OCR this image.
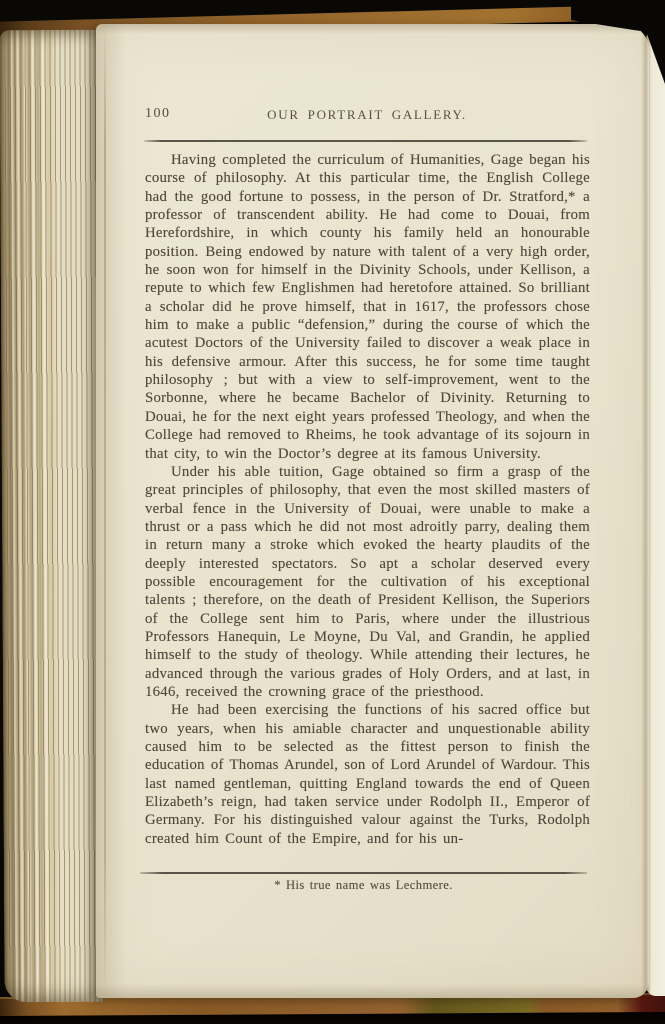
100	OUR PORTRAIT GALLERY.

Having completed the curriculum of Humanities, Gage began his course of philosophy. At this particular time, the English College had the good fortune to possess, in the person of Dr. Stratford,* a professor of transcendent ability. He had come to Douai, from Herefordshire, in which county his family held an honourable position. Being endowed by nature with talent of a very high order, he soon won for himself in the Divinity Schools, under Kellison, a repute to which few Englishmen had heretofore attained. So brilliant a scholar did he prove himself, that in 1617, the professors chose him to make a public “defension,” during the course of which the acutest Doctors of the University failed to discover a weak place in his defensive armour. After this success, he for some time taught philosophy ; but with a view to self-improvement, went to the Sorbonne, where he became Bachelor of Divinity. Returning to Douai, he for the next eight years professed Theology, and when the College had removed to Rheims, he took advantage of its sojourn in that city, to win the Doctor’s degree at its famous University.

Under his able tuition, Gage obtained so firm a grasp of the great principles of philosophy, that even the most skilled masters of verbal fence in the University of Douai, were unable to make a thrust or a pass which he did not most adroitly parry, dealing them in return many a stroke which evoked the hearty plaudits of the deeply interested spectators. So apt a scholar deserved every possible encouragement for the cultivation of his exceptional talents ; therefore, on the death of President Kellison, the Superiors of the College sent him to Paris, where under the illustrious Professors Hanequin, Le Moyne, Du Val, and Grandin, he applied himself to the study of theology. While attending their lectures, he advanced through the various grades of Holy Orders, and at last, in 1646, received the crowning grace of the priesthood.

He had been exercising the functions of his sacred office but two years, when his amiable character and unquestionable ability caused him to be selected as the fittest person to finish the education of Thomas Arundel, son of Lord Arundel of Wardour. This last named gentleman, quitting England towards the end of Queen Elizabeth’s reign, had taken service under Rodolph II., Emperor of Germany. For his distinguished valour against the Turks, Rodolph created him Count of the Empire, and for his un-

* His true name was Lechmere.
